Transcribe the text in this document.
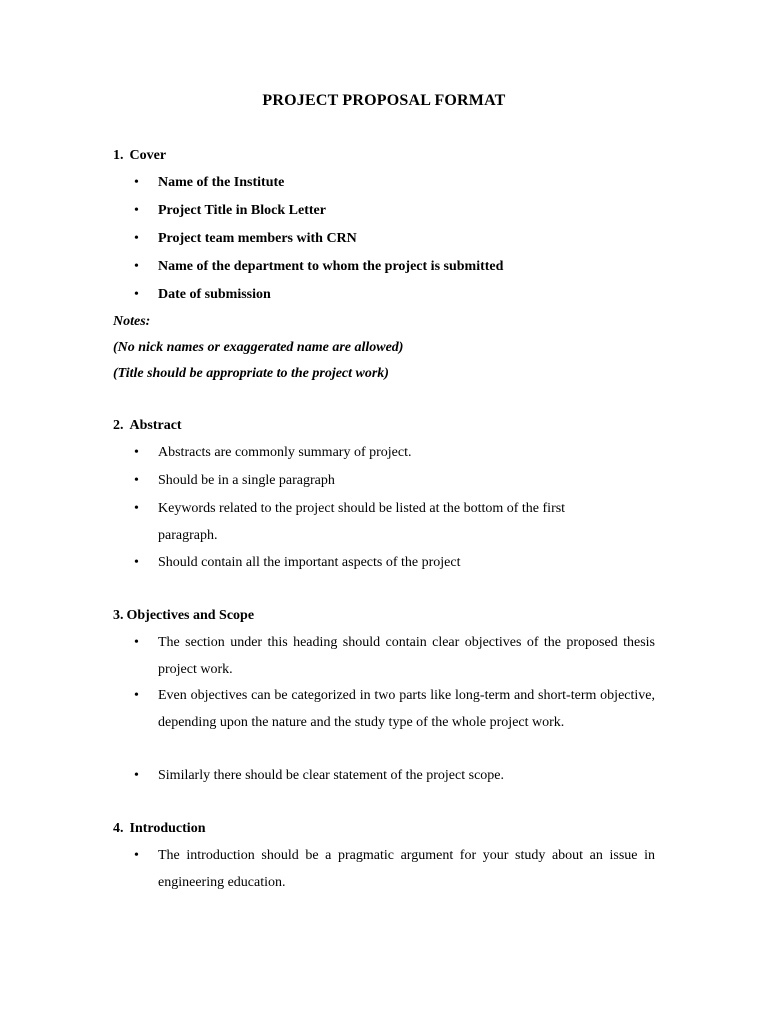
PROJECT PROPOSAL FORMAT
1. Cover
• Name of the Institute
• Project Title in Block Letter
• Project team members with CRN
• Name of the department to whom the project is submitted
• Date of submission
Notes:
(No nick names or exaggerated name are allowed)
(Title should be appropriate to the project work)
2. Abstract
• Abstracts are commonly summary of project.
• Should be in a single paragraph
• Keywords related to the project should be listed at the bottom of the first paragraph.
• Should contain all the important aspects of the project
3. Objectives and Scope
• The section under this heading should contain clear objectives of the proposed thesis project work.
• Even objectives can be categorized in two parts like long-term and short-term objective, depending upon the nature and the study type of the whole project work.
• Similarly there should be clear statement of the project scope.
4. Introduction
• The introduction should be a pragmatic argument for your study about an issue in engineering education.
